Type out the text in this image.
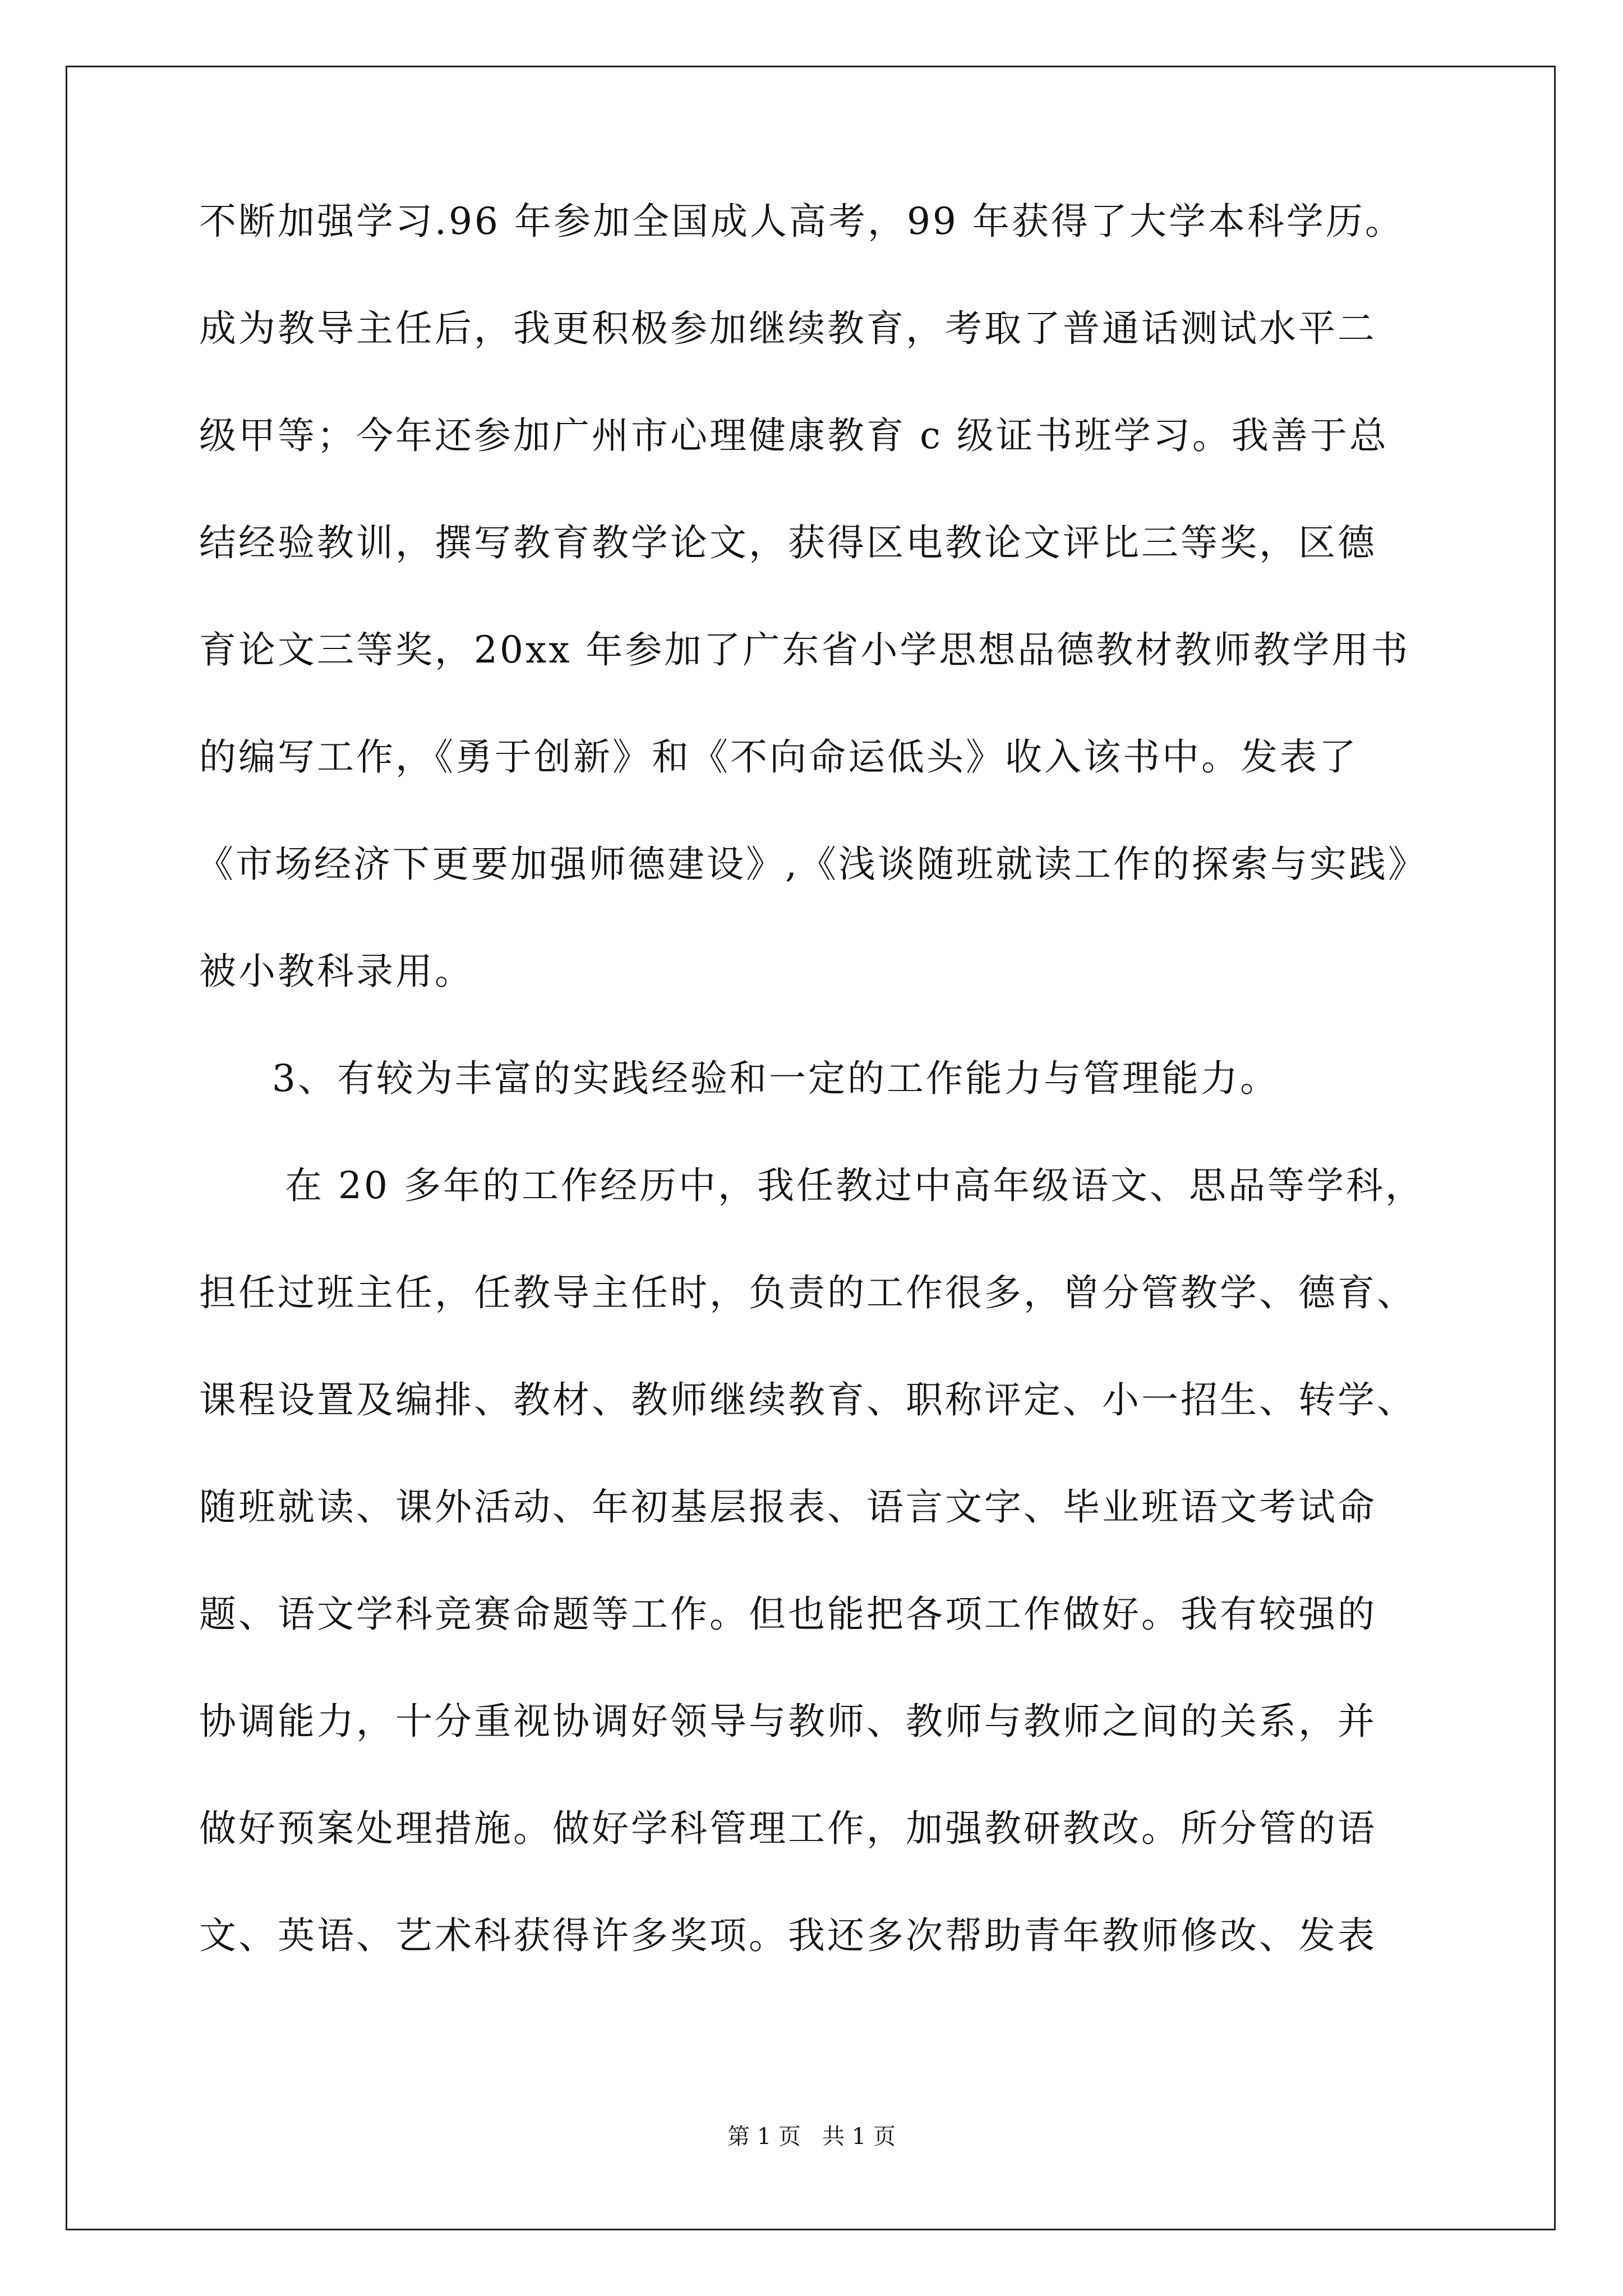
不断加强学习.96 年参加全国成人高考，99 年获得了大学本科学历。
成为教导主任后，我更积极参加继续教育，考取了普通话测试水平二
级甲等；今年还参加广州市心理健康教育 c 级证书班学习。我善于总
结经验教训，撰写教育教学论文，获得区电教论文评比三等奖，区德
育论文三等奖，20xx 年参加了广东省小学思想品德教材教师教学用书
的编写工作，《勇于创新》和《不向命运低头》收入该书中。发表了
《市场经济下更要加强师德建设》,《浅谈随班就读工作的探索与实践》
被小教科录用。
3、有较为丰富的实践经验和一定的工作能力与管理能力。
在 20 多年的工作经历中，我任教过中高年级语文、思品等学科，
担任过班主任，任教导主任时，负责的工作很多，曾分管教学、德育、
课程设置及编排、教材、教师继续教育、职称评定、小一招生、转学、
随班就读、课外活动、年初基层报表、语言文字、毕业班语文考试命
题、语文学科竞赛命题等工作。但也能把各项工作做好。我有较强的
协调能力，十分重视协调好领导与教师、教师与教师之间的关系，并
做好预案处理措施。做好学科管理工作，加强教研教改。所分管的语
文、英语、艺术科获得许多奖项。我还多次帮助青年教师修改、发表
第 1 页   共 1 页
